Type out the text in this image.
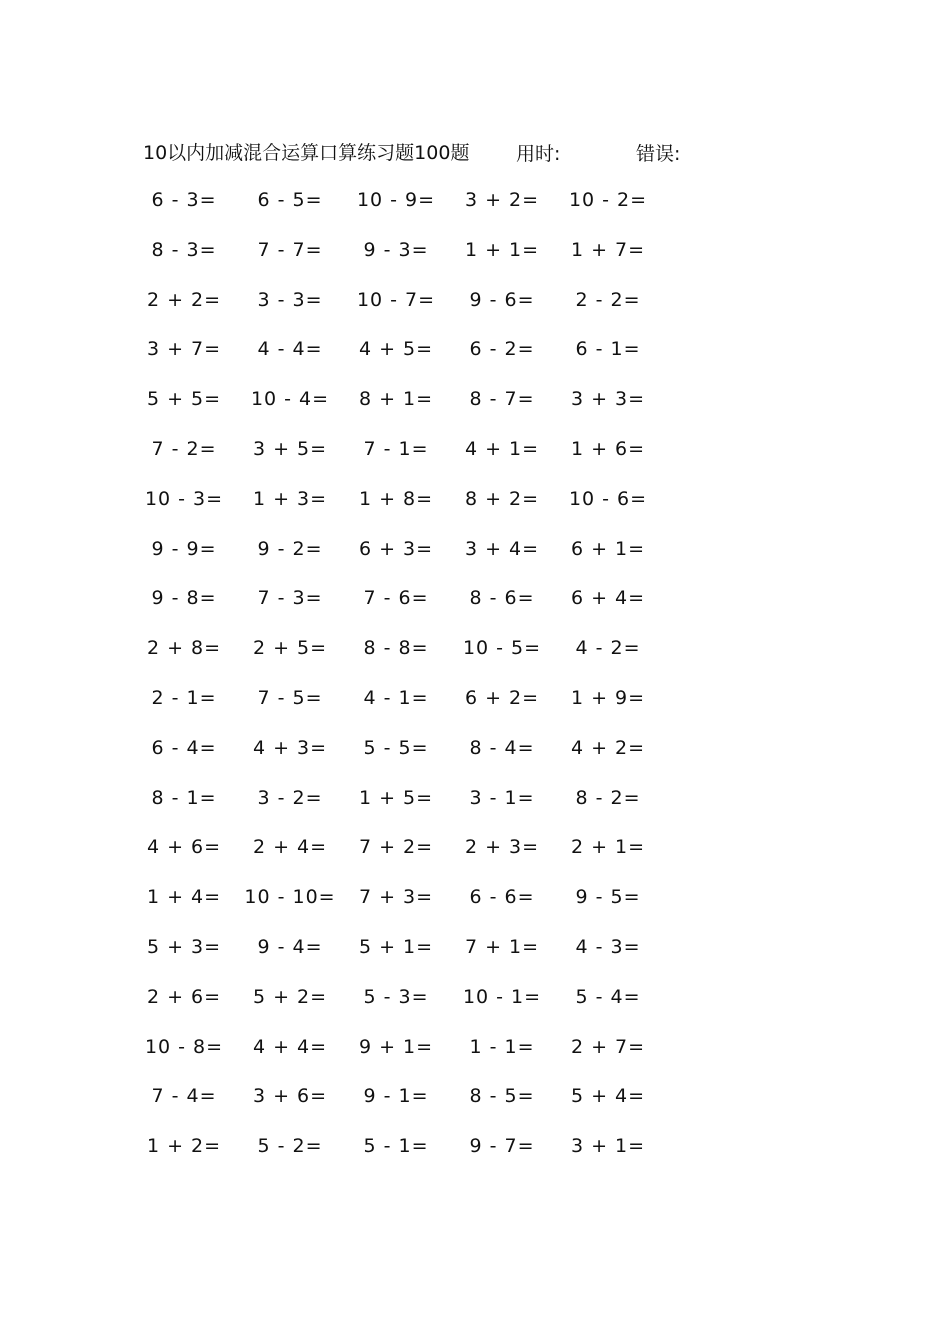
10以内加减混合运算口算练习题100题 用时:	错误:
6 - 3=	6 - 5=	10 - 9=	3 + 2=	10 - 2=
8 - 3=	7 - 7=	9 - 3=	1 + 1=	1 + 7=
2 + 2=	3 - 3=	10 - 7=	9 - 6=	2 - 2=
3 + 7=	4 - 4=	4 + 5=	6 - 2=	6 - 1=
5 + 5=	10 - 4=	8 + 1=	8 - 7=	3 + 3=
7 - 2=	3 + 5=	7 - 1=	4 + 1=	1 + 6=
10 - 3=	1 + 3=	1 + 8=	8 + 2=	10 - 6=
9 - 9=	9 - 2=	6 + 3=	3 + 4=	6 + 1=
9 - 8=	7 - 3=	7 - 6=	8 - 6=	6 + 4=
2 + 8=	2 + 5=	8 - 8=	10 - 5=	4 - 2=
2 - 1=	7 - 5=	4 - 1=	6 + 2=	1 + 9=
6 - 4=	4 + 3=	5 - 5=	8 - 4=	4 + 2=
8 - 1=	3 - 2=	1 + 5=	3 - 1=	8 - 2=
4 + 6=	2 + 4=	7 + 2=	2 + 3=	2 + 1=
1 + 4=	10 - 10=	7 + 3=	6 - 6=	9 - 5=
5 + 3=	9 - 4=	5 + 1=	7 + 1=	4 - 3=
2 + 6=	5 + 2=	5 - 3=	10 - 1=	5 - 4=
10 - 8=	4 + 4=	9 + 1=	1 - 1=	2 + 7=
7 - 4=	3 + 6=	9 - 1=	8 - 5=	5 + 4=
1 + 2=	5 - 2=	5 - 1=	9 - 7=	3 + 1=
